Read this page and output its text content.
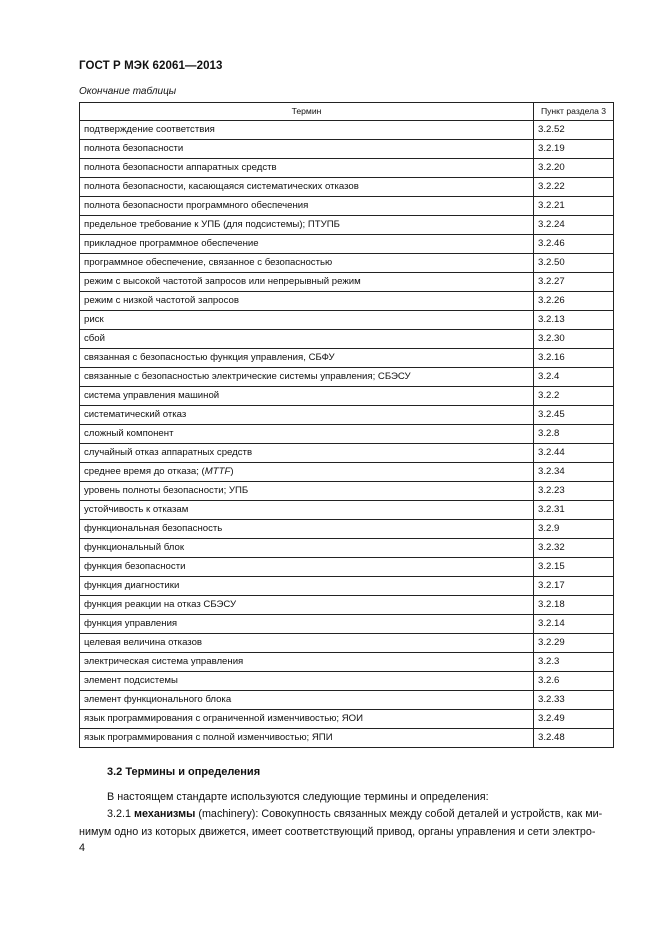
ГОСТ Р МЭК 62061—2013
Окончание таблицы
Термин	Пункт раздела 3
подтверждение соответствия	3.2.52
полнота безопасности	3.2.19
полнота безопасности аппаратных средств	3.2.20
полнота безопасности, касающаяся систематических отказов	3.2.22
полнота безопасности программного обеспечения	3.2.21
предельное требование к УПБ (для подсистемы); ПТУПБ	3.2.24
прикладное программное обеспечение	3.2.46
программное обеспечение, связанное с безопасностью	3.2.50
режим с высокой частотой запросов или непрерывный режим	3.2.27
режим с низкой частотой запросов	3.2.26
риск	3.2.13
сбой	3.2.30
связанная с безопасностью функция управления, СБФУ	3.2.16
связанные с безопасностью электрические системы управления; СБЭСУ	3.2.4
система управления машиной	3.2.2
систематический отказ	3.2.45
сложный компонент	3.2.8
случайный отказ аппаратных средств	3.2.44
среднее время до отказа; (MTTF)	3.2.34
уровень полноты безопасности; УПБ	3.2.23
устойчивость к отказам	3.2.31
функциональная безопасность	3.2.9
функциональный блок	3.2.32
функция безопасности	3.2.15
функция диагностики	3.2.17
функция реакции на отказ СБЭСУ	3.2.18
функция управления	3.2.14
целевая величина отказов	3.2.29
электрическая система управления	3.2.3
элемент подсистемы	3.2.6
элемент функционального блока	3.2.33
язык программирования с ограниченной изменчивостью; ЯОИ	3.2.49
язык программирования с полной изменчивостью; ЯПИ	3.2.48
3.2 Термины и определения
В настоящем стандарте используются следующие термины и определения:
3.2.1 механизмы (machinery): Совокупность связанных между собой деталей и устройств, как ми-
нимум одно из которых движется, имеет соответствующий привод, органы управления и сети электро-
4
